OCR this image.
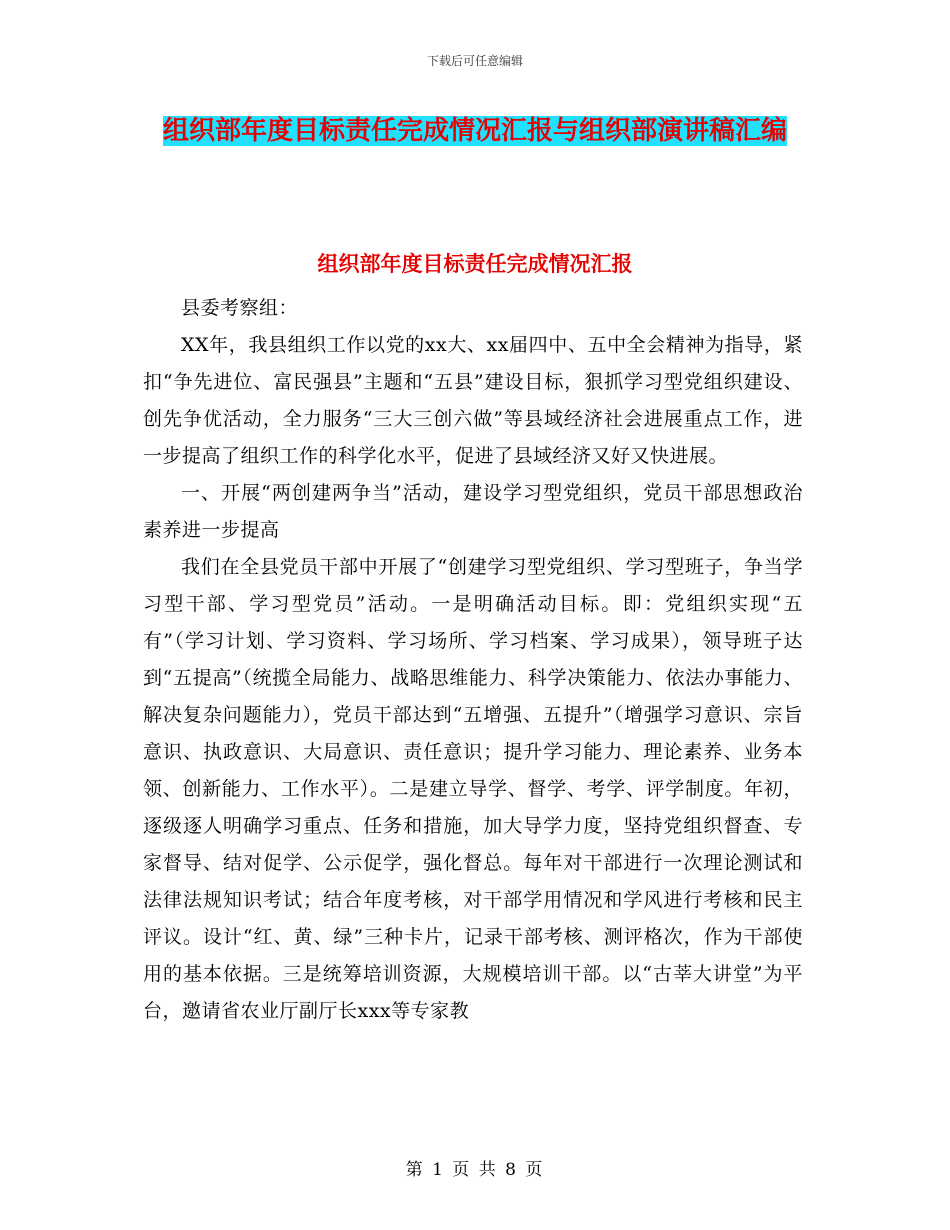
下载后可任意编辑
组织部年度目标责任完成情况汇报与组织部演讲稿汇编
组织部年度目标责任完成情况汇报

县委考察组：

XX年，我县组织工作以党的xx大、xx届四中、五中全会精神为指导，紧扣“争先进位、富民强县”主题和“五县”建设目标，狠抓学习型党组织建设、创先争优活动，全力服务“三大三创六做”等县域经济社会进展重点工作，进一步提高了组织工作的科学化水平，促进了县域经济又好又快进展。

一、开展“两创建两争当”活动，建设学习型党组织，党员干部思想政治素养进一步提高

我们在全县党员干部中开展了“创建学习型党组织、学习型班子，争当学习型干部、学习型党员”活动。一是明确活动目标。即：党组织实现“五有”（学习计划、学习资料、学习场所、学习档案、学习成果），领导班子达到“五提高”（统揽全局能力、战略思维能力、科学决策能力、依法办事能力、解决复杂问题能力），党员干部达到“五增强、五提升”（增强学习意识、宗旨意识、执政意识、大局意识、责任意识；提升学习能力、理论素养、业务本领、创新能力、工作水平）。二是建立导学、督学、考学、评学制度。年初，逐级逐人明确学习重点、任务和措施，加大导学力度，坚持党组织督查、专家督导、结对促学、公示促学，强化督总。每年对干部进行一次理论测试和法律法规知识考试；结合年度考核，对干部学用情况和学风进行考核和民主评议。设计“红、黄、绿”三种卡片，记录干部考核、测评格次，作为干部使用的基本依据。三是统筹培训资源，大规模培训干部。以“古莘大讲堂”为平台，邀请省农业厅副厅长xxx等专家教

第 1 页 共 8 页
